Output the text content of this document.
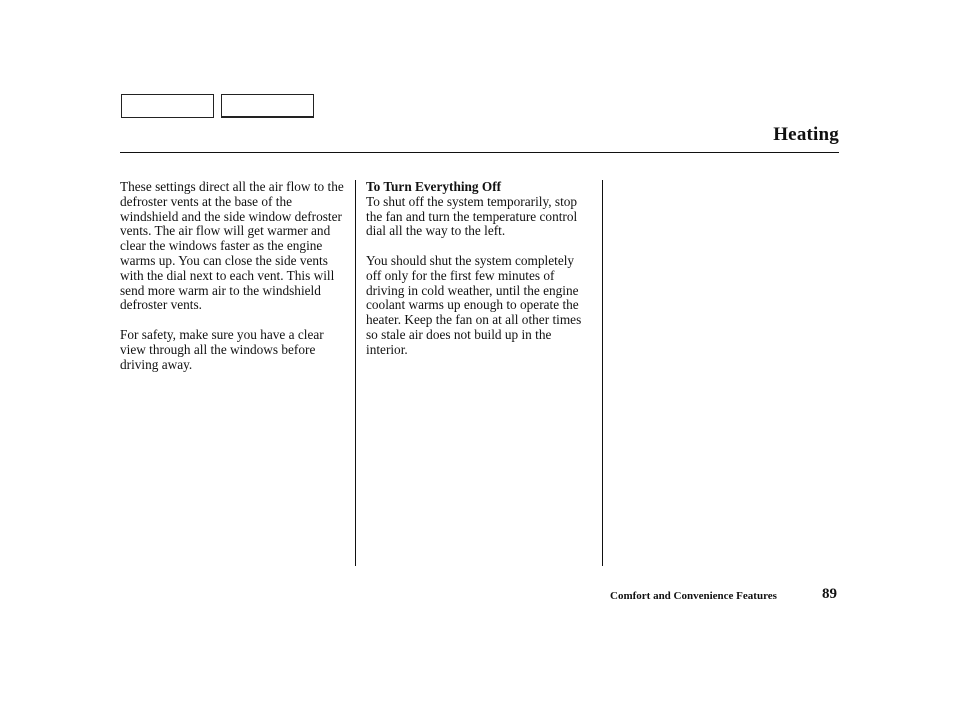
Heating

These settings direct all the air flow to the defroster vents at the base of the windshield and the side window defroster vents. The air flow will get warmer and clear the windows faster as the engine warms up. You can close the side vents with the dial next to each vent. This will send more warm air to the windshield defroster vents.

For safety, make sure you have a clear view through all the windows before driving away.

To Turn Everything Off

To shut off the system temporarily, stop the fan and turn the temperature control dial all the way to the left.

You should shut the system completely off only for the first few minutes of driving in cold weather, until the engine coolant warms up enough to operate the heater. Keep the fan on at all other times so stale air does not build up in the interior.

Comfort and Convenience Features	89
